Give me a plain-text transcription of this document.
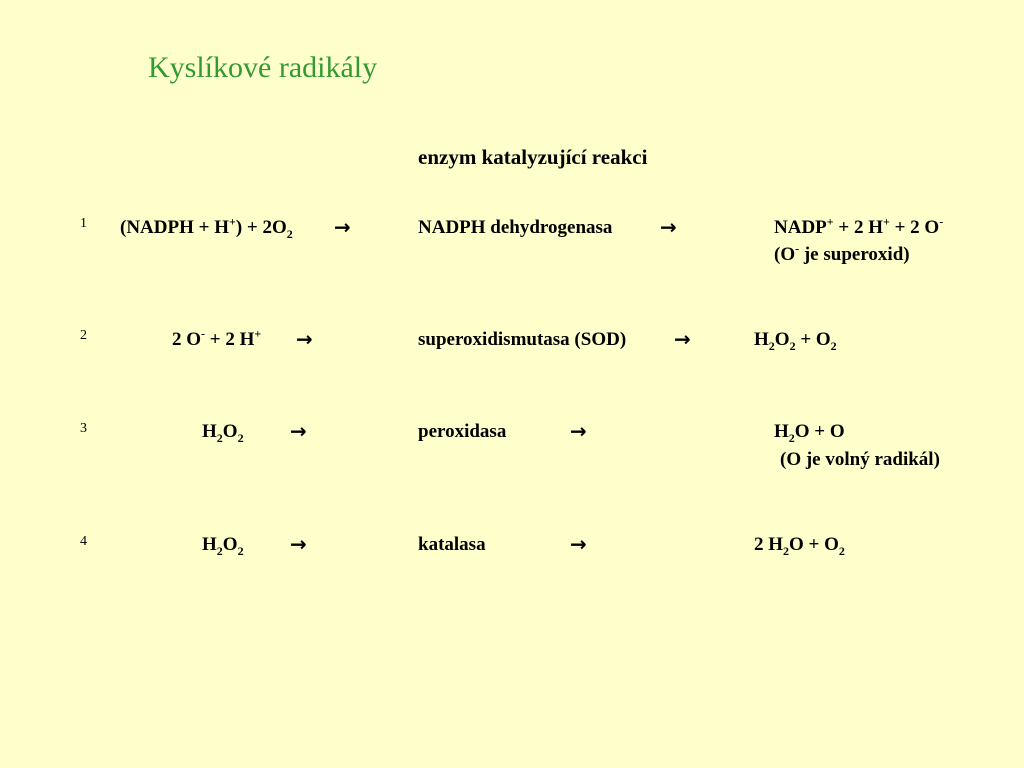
Kyslíkové radikály
enzym katalyzující reakci
1 (NADPH + $H^+) + 2O_2$ →	NADPH dehydrogenasa →	NADP+ + 2 H+ + 2 O-
(O- je superoxid)
2	2 O- + 2 H+ →	superoxidismutasa (SOD) →	$H_2O_2 + O_2$
3	$H_2O_2$ →	peroxidasa	→	$H_2O + O$
(O je volný radikál)
4	$H_2O_2$ →	katalasa	→	2 $H_2O + O_2$
